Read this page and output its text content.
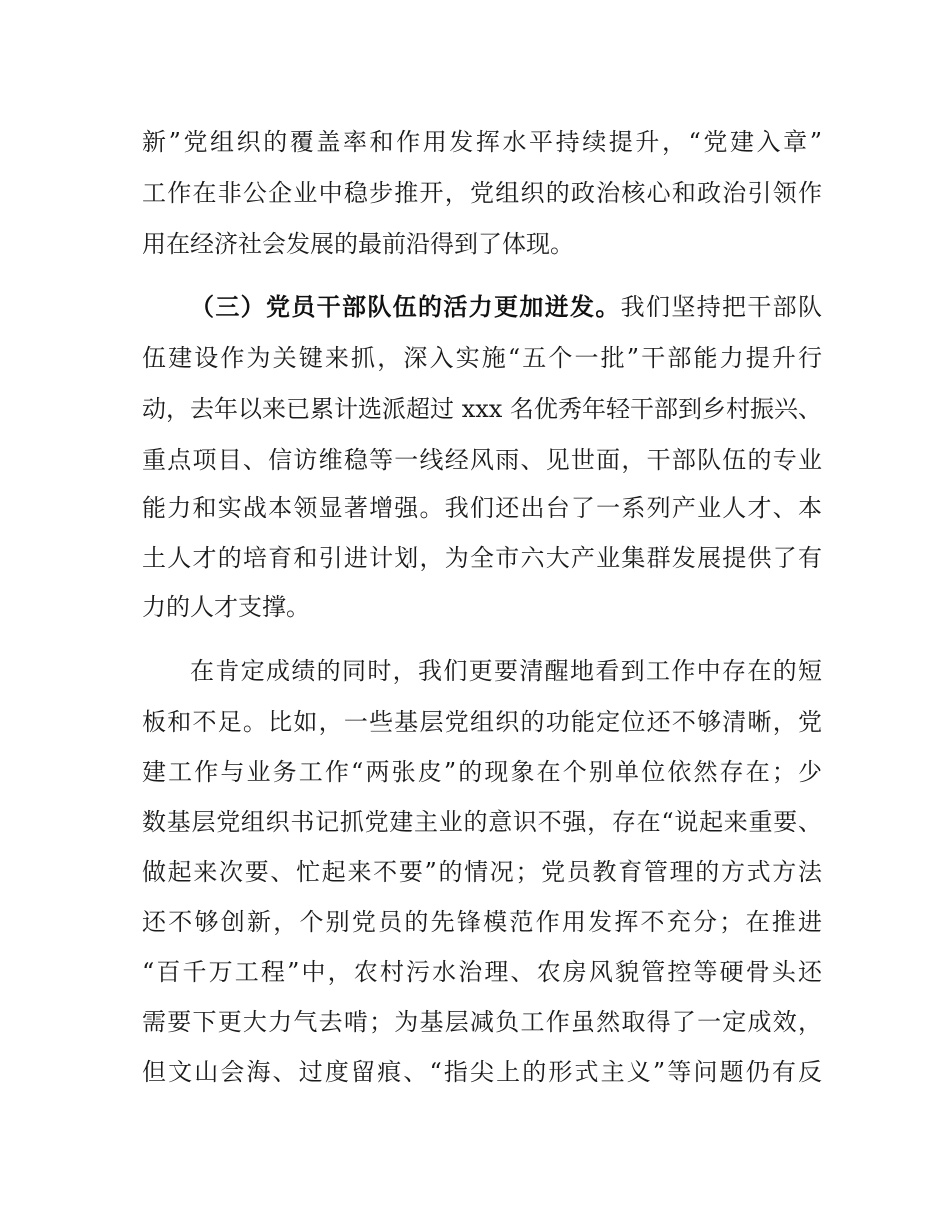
新”党组织的覆盖率和作用发挥水平持续提升，“党建入章”
工作在非公企业中稳步推开，党组织的政治核心和政治引领作
用在经济社会发展的最前沿得到了体现。
（三）党员干部队伍的活力更加迸发。我们坚持把干部队
伍建设作为关键来抓，深入实施“五个一批”干部能力提升行
动，去年以来已累计选派超过 xxx 名优秀年轻干部到乡村振兴、
重点项目、信访维稳等一线经风雨、见世面，干部队伍的专业
能力和实战本领显著增强。我们还出台了一系列产业人才、本
土人才的培育和引进计划，为全市六大产业集群发展提供了有
力的人才支撑。
在肯定成绩的同时，我们更要清醒地看到工作中存在的短
板和不足。比如，一些基层党组织的功能定位还不够清晰，党
建工作与业务工作“两张皮”的现象在个别单位依然存在；少
数基层党组织书记抓党建主业的意识不强，存在“说起来重要、
做起来次要、忙起来不要”的情况；党员教育管理的方式方法
还不够创新，个别党员的先锋模范作用发挥不充分；在推进
“百千万工程”中，农村污水治理、农房风貌管控等硬骨头还
需要下更大力气去啃；为基层减负工作虽然取得了一定成效，
但文山会海、过度留痕、“指尖上的形式主义”等问题仍有反
